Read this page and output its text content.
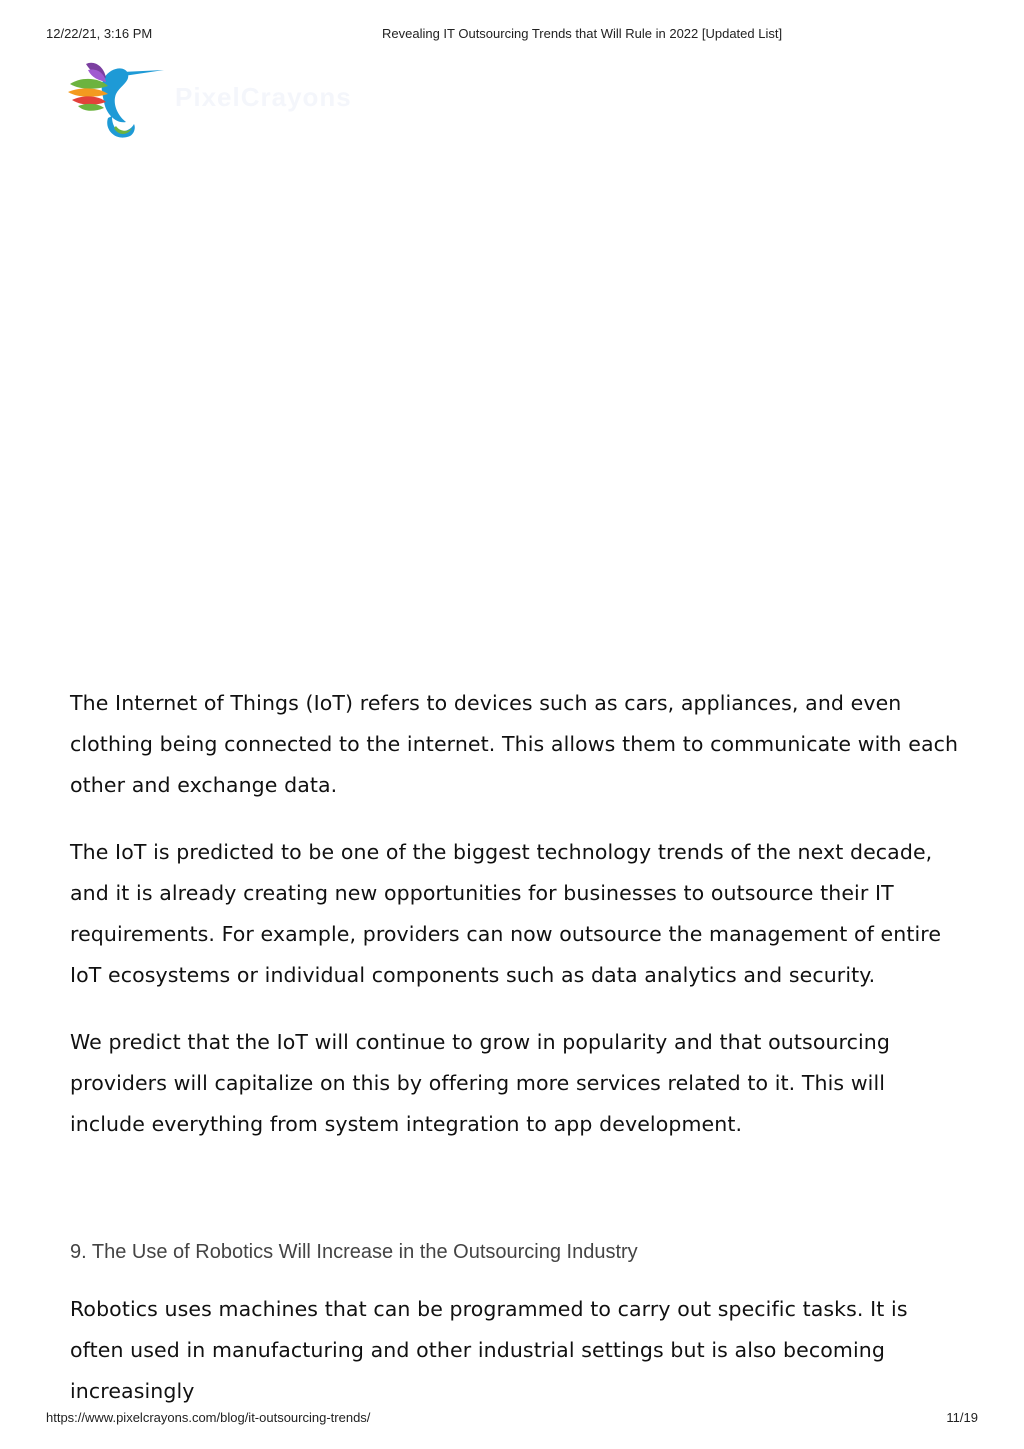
12/22/21, 3:16 PM	Revealing IT Outsourcing Trends that Will Rule in 2022 [Updated List]
PixelCrayons

The Internet of Things (IoT) refers to devices such as cars, appliances, and even clothing being connected to the internet. This allows them to communicate with each other and exchange data.

The IoT is predicted to be one of the biggest technology trends of the next decade, and it is already creating new opportunities for businesses to outsource their IT requirements. For example, providers can now outsource the management of entire IoT ecosystems or individual components such as data analytics and security.

We predict that the IoT will continue to grow in popularity and that outsourcing providers will capitalize on this by offering more services related to it. This will include everything from system integration to app development.

9. The Use of Robotics Will Increase in the Outsourcing Industry

Robotics uses machines that can be programmed to carry out specific tasks. It is often used in manufacturing and other industrial settings but is also becoming increasingly

https://www.pixelcrayons.com/blog/it-outsourcing-trends/	11/19
